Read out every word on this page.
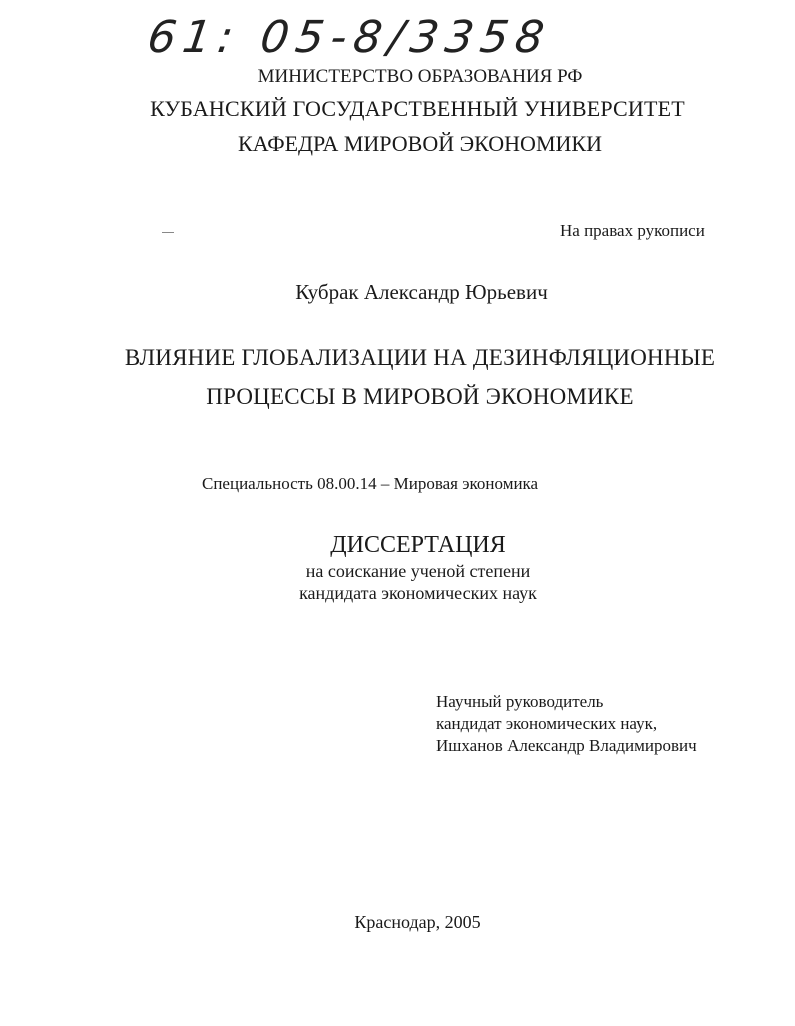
61: 05-8/3358
МИНИСТЕРСТВО ОБРАЗОВАНИЯ РФ
КУБАНСКИЙ ГОСУДАРСТВЕННЫЙ УНИВЕРСИТЕТ
КАФЕДРА МИРОВОЙ ЭКОНОМИКИ
На правах рукописи
Кубрак Александр Юрьевич
ВЛИЯНИЕ ГЛОБАЛИЗАЦИИ НА ДЕЗИНФЛЯЦИОННЫЕ
ПРОЦЕССЫ В МИРОВОЙ ЭКОНОМИКЕ
Специальность 08.00.14 – Мировая экономика
ДИССЕРТАЦИЯ
на соискание ученой степени
кандидата экономических наук
Научный руководитель
кандидат экономических наук,
Ишханов Александр Владимирович
Краснодар, 2005
